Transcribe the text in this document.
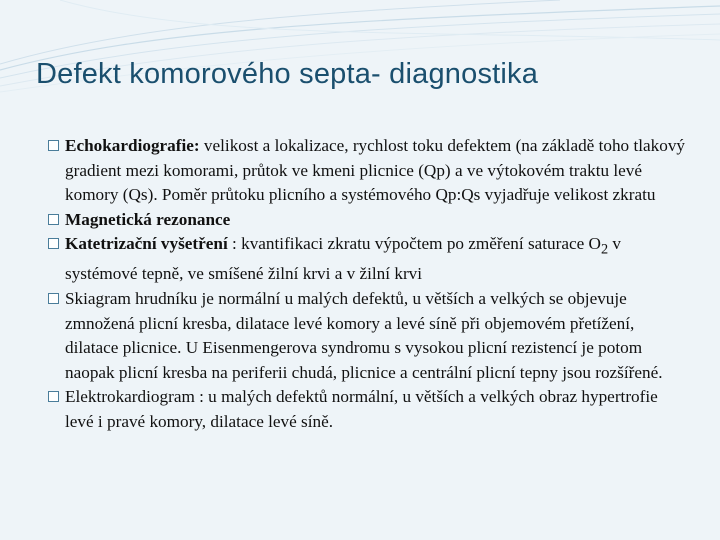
Defekt komorového septa- diagnostika

Echokardiografie: velikost a lokalizace, rychlost toku defektem (na základě toho tlakový gradient mezi komorami, průtok ve kmeni plicnice (Qp) a ve výtokovém traktu levé komory (Qs). Poměr průtoku plicního a systémového Qp:Qs vyjadřuje velikost zkratu

Magnetická rezonance

Katetrizační vyšetření : kvantifikaci zkratu výpočtem po změření saturace $O_2$ v systémové tepně, ve smíšené žilní krvi a v žilní krvi

Skiagram hrudníku je normální u malých defektů, u větších a velkých se objevuje zmnožená plicní kresba, dilatace levé komory a levé síně při objemovém přetížení, dilatace plicnice. U Eisenmengerova syndromu s vysokou plicní rezistencí je potom naopak plicní kresba na periferii chudá, plicnice a centrální plicní tepny jsou rozšířené.

Elektrokardiogram : u malých defektů normální, u větších a velkých obraz hypertrofie levé i pravé komory, dilatace levé síně.
